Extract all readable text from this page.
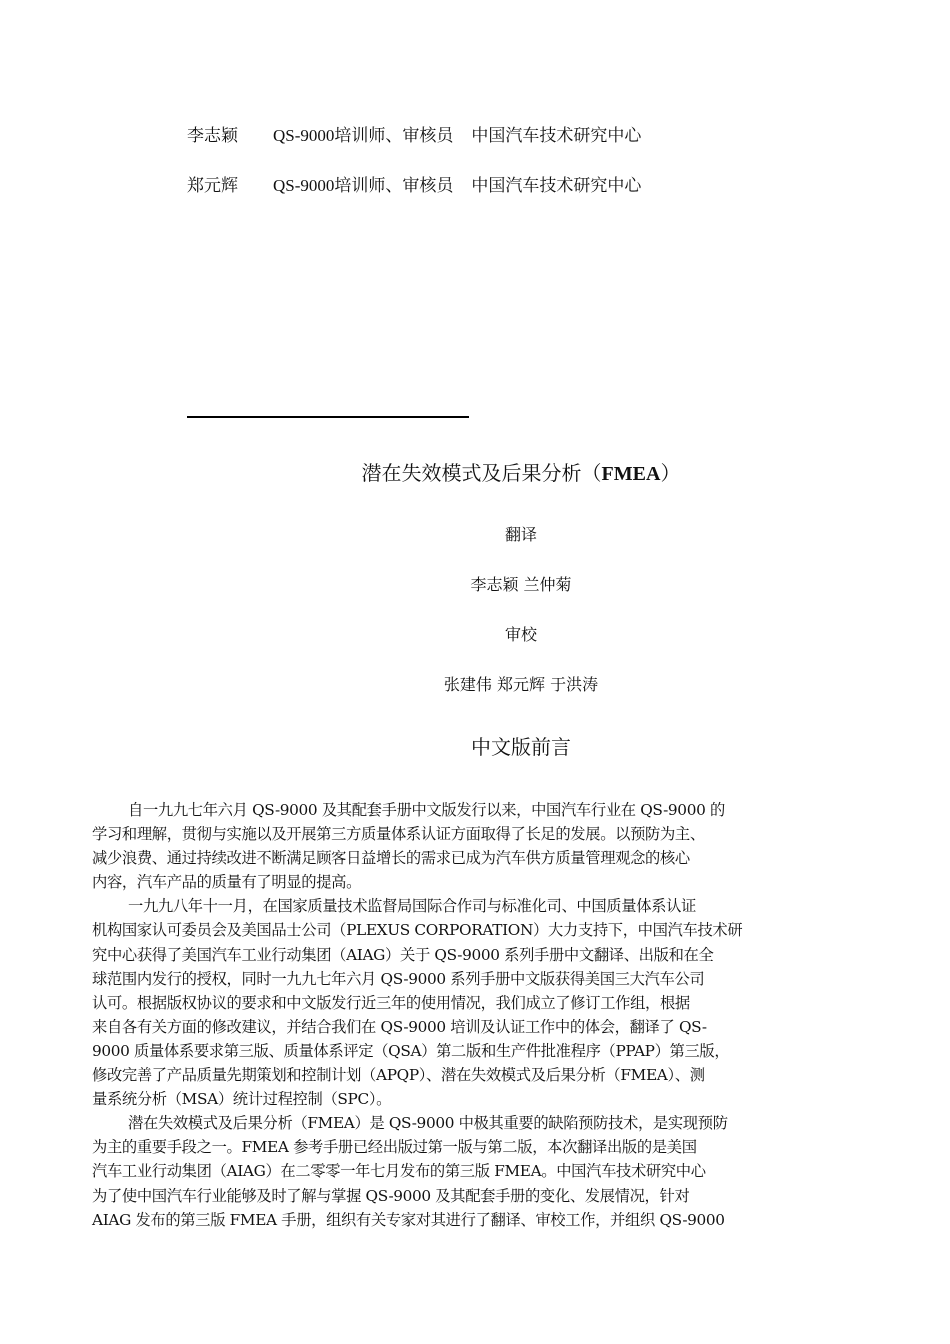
李志颖 QS-9000培训师、审核员 中国汽车技术研究中心
郑元辉 QS-9000培训师、审核员 中国汽车技术研究中心
潜在失效模式及后果分析（FMEA）
翻译
李志颖 兰仲菊
审校
张建伟 郑元辉 于洪涛
中文版前言
自一九九七年六月 QS-9000 及其配套手册中文版发行以来，中国汽车行业在 QS-9000 的
学习和理解，贯彻与实施以及开展第三方质量体系认证方面取得了长足的发展。以预防为主、
减少浪费、通过持续改进不断满足顾客日益增长的需求已成为汽车供方质量管理观念的核心
内容，汽车产品的质量有了明显的提高。
一九九八年十一月，在国家质量技术监督局国际合作司与标准化司、中国质量体系认证
机构国家认可委员会及美国品士公司（PLEXUS CORPORATION）大力支持下，中国汽车技术研
究中心获得了美国汽车工业行动集团（AIAG）关于 QS-9000 系列手册中文翻译、出版和在全
球范围内发行的授权，同时一九九七年六月 QS-9000 系列手册中文版获得美国三大汽车公司
认可。根据版权协议的要求和中文版发行近三年的使用情况，我们成立了修订工作组，根据
来自各有关方面的修改建议，并结合我们在 QS-9000 培训及认证工作中的体会，翻译了 QS-
9000 质量体系要求第三版、质量体系评定（QSA）第二版和生产件批准程序（PPAP）第三版，
修改完善了产品质量先期策划和控制计划（APQP）、潜在失效模式及后果分析（FMEA）、测
量系统分析（MSA）统计过程控制（SPC）。
潜在失效模式及后果分析（FMEA）是 QS-9000 中极其重要的缺陷预防技术，是实现预防
为主的重要手段之一。FMEA 参考手册已经出版过第一版与第二版，本次翻译出版的是美国
汽车工业行动集团（AIAG）在二零零一年七月发布的第三版 FMEA。中国汽车技术研究中心
为了使中国汽车行业能够及时了解与掌握 QS-9000 及其配套手册的变化、发展情况，针对
AIAG 发布的第三版 FMEA 手册，组织有关专家对其进行了翻译、审校工作，并组织 QS-9000
